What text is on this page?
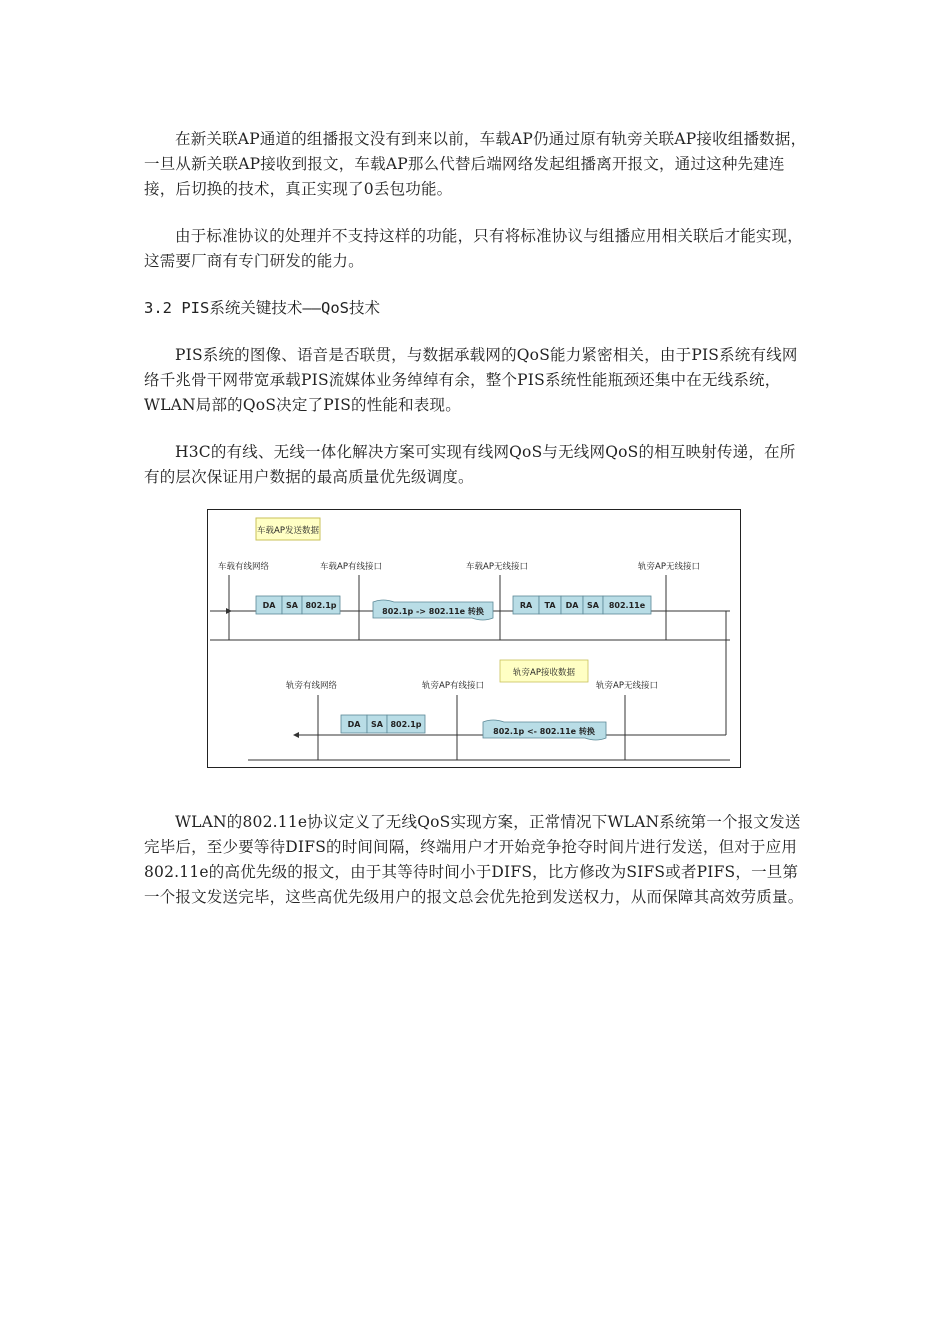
在新关联AP通道的组播报文没有到来以前，车载AP仍通过原有轨旁关联AP接收组播数据，一旦从新关联AP接收到报文，车载AP那么代替后端网络发起组播离开报文，通过这种先建连接，后切换的技术，真正实现了0丢包功能。

由于标准协议的处理并不支持这样的功能，只有将标准协议与组播应用相关联后才能实现，这需要厂商有专门研发的能力。

3.2 PIS系统关键技术——QoS技术

PIS系统的图像、语音是否联贯，与数据承载网的QoS能力紧密相关，由于PIS系统有线网络千兆骨干网带宽承载PIS流媒体业务绰绰有余，整个PIS系统性能瓶颈还集中在无线系统，WLAN局部的QoS决定了PIS的性能和表现。

H3C的有线、无线一体化解决方案可实现有线网QoS与无线网QoS的相互映射传递，在所有的层次保证用户数据的最高质量优先级调度。

车载AP发送数据
车载有线网络	车载AP有线接口	车载AP无线接口	轨旁AP无线接口
DA SA 802.1p
802.1p -> 802.11e 转换
RA TA DA SA 802.11e
轨旁AP接收数据
轨旁有线网络	轨旁AP有线接口	轨旁AP无线接口
DA SA 802.1p
802.1p <- 802.11e 转换

WLAN的802.11e协议定义了无线QoS实现方案，正常情况下WLAN系统第一个报文发送完毕后，至少要等待DIFS的时间间隔，终端用户才开始竞争抢夺时间片进行发送，但对于应用802.11e的高优先级的报文，由于其等待时间小于DIFS，比方修改为SIFS或者PIFS，一旦第一个报文发送完毕，这些高优先级用户的报文总会优先抢到发送权力，从而保障其高效劳质量。
